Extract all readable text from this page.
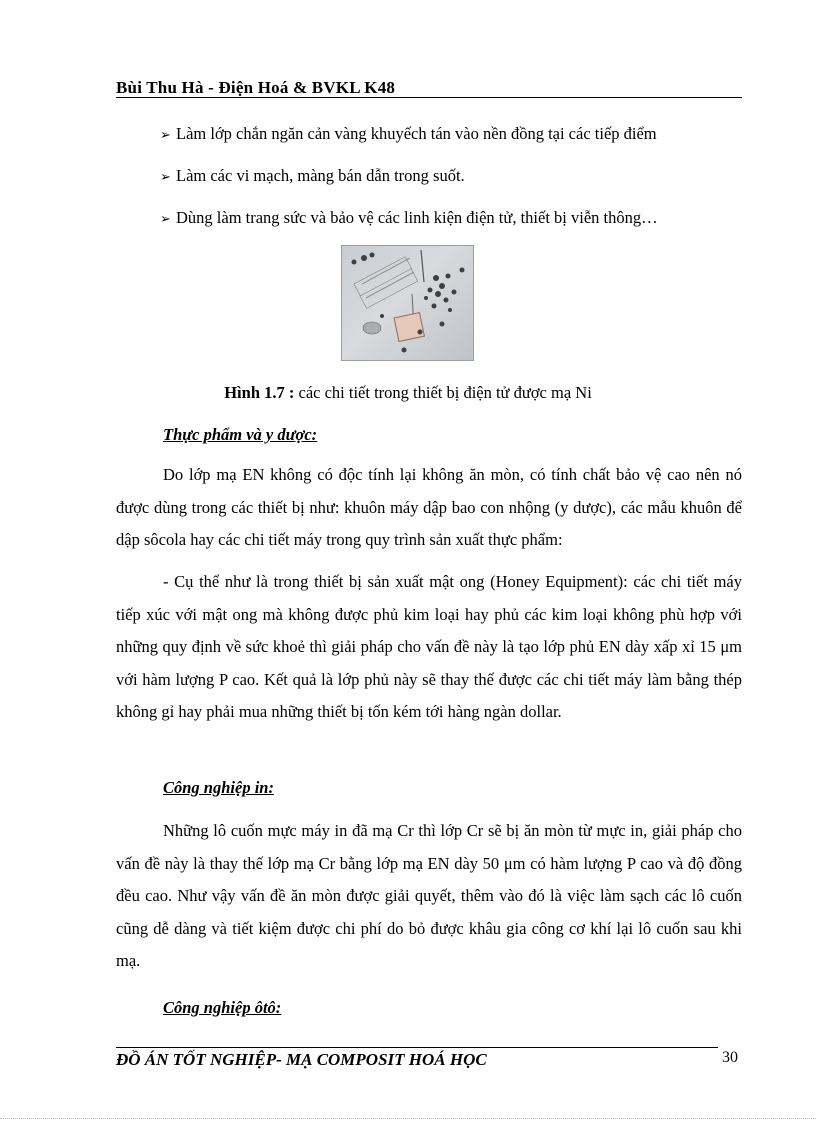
Bùi Thu Hà - Điện Hoá & BVKL K48
➢ Làm lớp chắn ngăn cản vàng khuyếch tán vào nền đồng tại các tiếp điểm
➢ Làm các vi mạch, màng bán dẫn trong suốt.
➢ Dùng làm trang sức và bảo vệ các linh kiện điện tử, thiết bị viễn thông…
Hình 1.7 : các chi tiết trong thiết bị điện tử được mạ Ni
Thực phẩm và y dược:

Do lớp mạ EN không có độc tính lại không ăn mòn, có tính chất bảo vệ cao nên nó được dùng trong các thiết bị như: khuôn máy dập bao con nhộng (y dược), các mẫu khuôn để dập sôcola hay các chi tiết máy trong quy trình sản xuất thực phẩm:

- Cụ thể như là trong thiết bị sản xuất mật ong (Honey Equipment): các chi tiết máy tiếp xúc với mật ong mà không được phủ kim loại hay phủ các kim loại không phù hợp với những quy định về sức khoẻ thì giải pháp cho vấn đề này là tạo lớp phủ EN dày xấp xỉ 15 μm với hàm lượng P cao. Kết quả là lớp phủ này sẽ thay thế được các chi tiết máy làm bằng thép không gỉ hay phải mua những thiết bị tốn kém tới hàng ngàn dollar.

Công nghiệp in:

Những lô cuốn mực máy in đã mạ Cr thì lớp Cr sẽ bị ăn mòn từ mực in, giải pháp cho vấn đề này là thay thế lớp mạ Cr bằng lớp mạ EN dày 50 μm có hàm lượng P cao và độ đồng đều cao. Như vậy vấn đề ăn mòn được giải quyết, thêm vào đó là việc làm sạch các lô cuốn cũng dễ dàng và tiết kiệm được chi phí do bỏ được khâu gia công cơ khí lại lô cuốn sau khi mạ.

Công nghiệp ôtô:
ĐỒ ÁN TỐT NGHIỆP- MẠ COMPOSIT HOÁ HỌC	30
